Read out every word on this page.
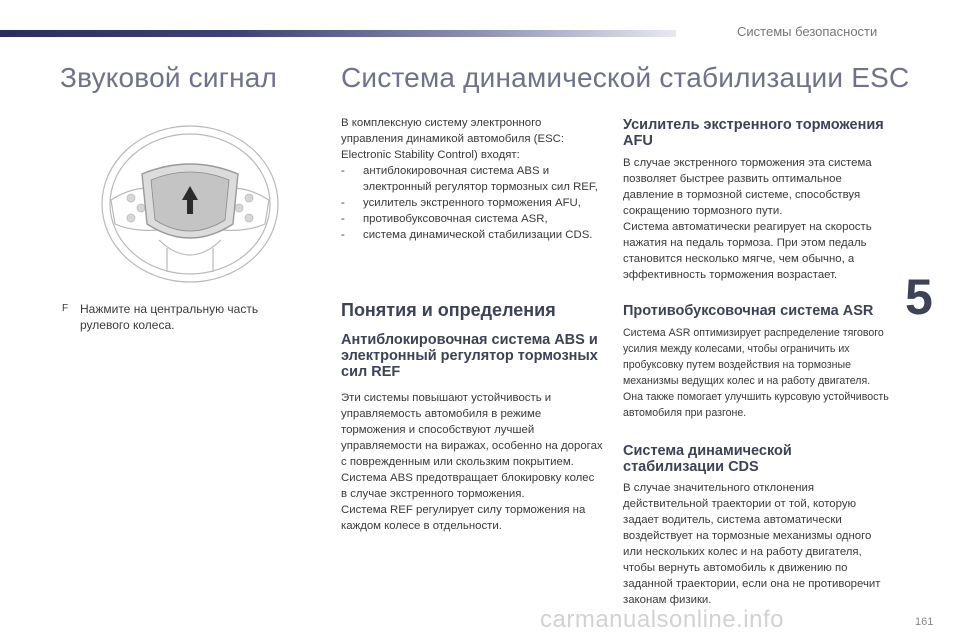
Системы безопасности
Звуковой сигнал Система динамической стабилизации ESC
5
F Нажмите на центральную часть рулевого колеса.

В комплексную систему электронного управления динамикой автомобиля (ESC: Electronic Stability Control) входят:

- антиблокировочная система ABS и электронный регулятор тормозных сил REF,
- усилитель экстренного торможения AFU,
- противобуксовочная система ASR,
- система динамической стабилизации CDS.
Понятия и определения
Антиблокировочная система ABS и электронный регулятор тормозных сил REF

Эти системы повышают устойчивость и управляемость автомобиля в режиме торможения и способствуют лучшей управляемости на виражах, особенно на дорогах с поврежденным или скользким покрытием.

Система ABS предотвращает блокировку колес в случае экстренного торможения.

Система REF регулирует силу торможения на каждом колесе в отдельности.

Усилитель экстренного торможения AFU

В случае экстренного торможения эта система позволяет быстрее развить оптимальное давление в тормозной системе, способствуя сокращению тормозного пути.

Система автоматически реагирует на скорость нажатия на педаль тормоза. При этом педаль становится несколько мягче, чем обычно, а эффективность торможения возрастает.

Противобуксовочная система ASR

Система ASR оптимизирует распределение тягового усилия между колесами, чтобы ограничить их пробуксовку путем воздействия на тормозные механизмы ведущих колес и на работу двигателя. Она также помогает улучшить курсовую устойчивость автомобиля при разгоне.

Система динамической стабилизации CDS

В случае значительного отклонения действительной траектории от той, которую задает водитель, система автоматически воздействует на тормозные механизмы одного или нескольких колес и на работу двигателя, чтобы вернуть автомобиль к движению по заданной траектории, если она не противоречит законам физики.

161
carmanualsonline.info
